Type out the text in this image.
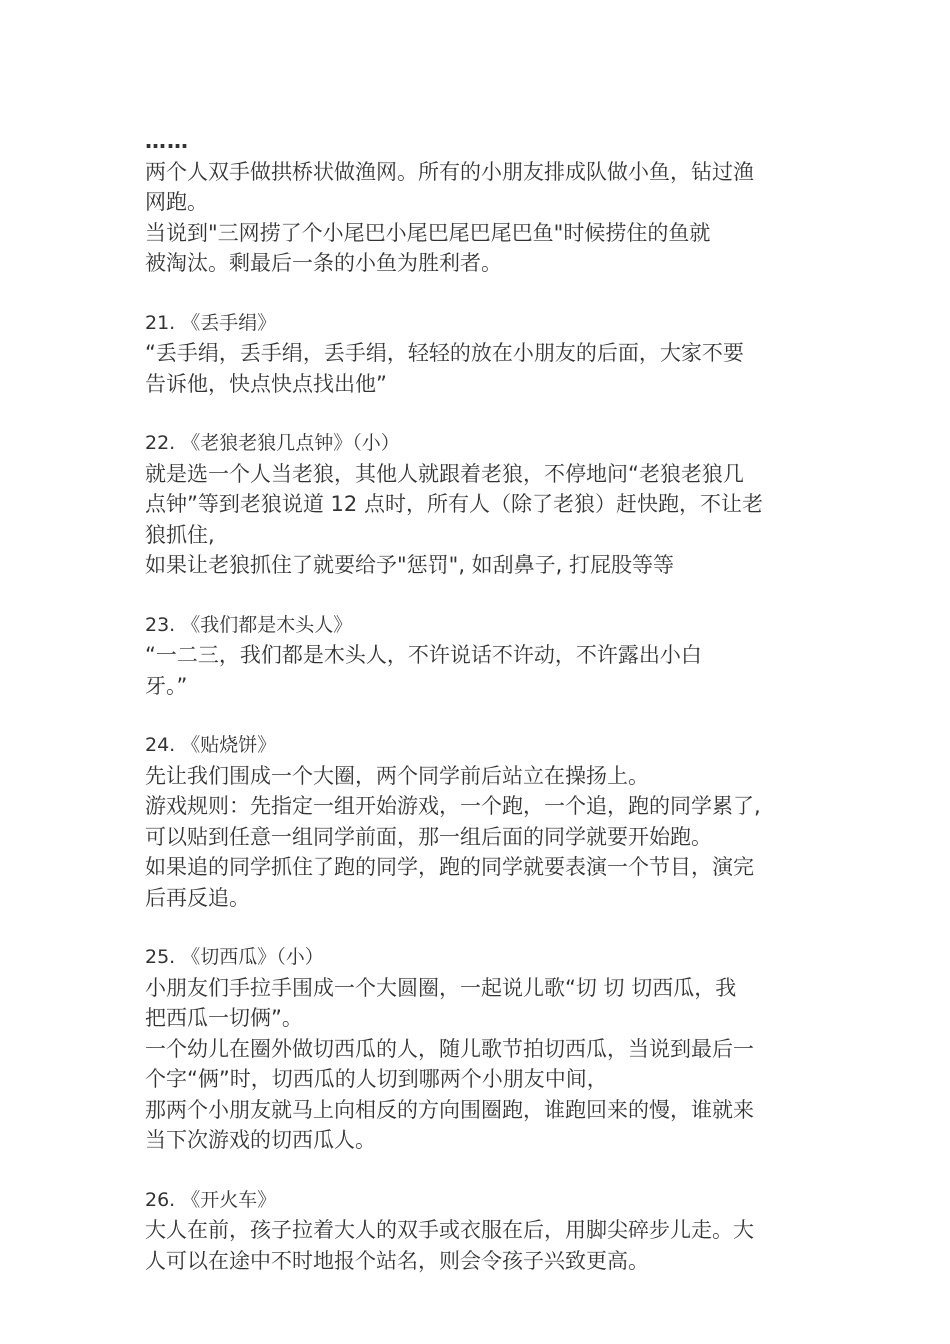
……
两个人双手做拱桥状做渔网。所有的小朋友排成队做小鱼，钻过渔
网跑。
当说到"三网捞了个小尾巴小尾巴尾巴尾巴鱼"时候捞住的鱼就
被淘汰。剩最后一条的小鱼为胜利者。
21. 《丢手绢》
“丢手绢，丢手绢，丢手绢，轻轻的放在小朋友的后面，大家不要
告诉他，快点快点找出他”
22. 《老狼老狼几点钟》（小）
就是选一个人当老狼，其他人就跟着老狼，不停地问“老狼老狼几
点钟”等到老狼说道 12 点时，所有人（除了老狼）赶快跑，不让老
狼抓住,
如果让老狼抓住了就要给予"惩罚", 如刮鼻子, 打屁股等等
23. 《我们都是木头人》
“一二三，我们都是木头人，不许说话不许动，不许露出小白
牙。”
24. 《贴烧饼》
先让我们围成一个大圈，两个同学前后站立在操扬上。
游戏规则：先指定一组开始游戏，一个跑，一个追，跑的同学累了,
可以贴到任意一组同学前面，那一组后面的同学就要开始跑。
如果追的同学抓住了跑的同学，跑的同学就要表演一个节目，演完
后再反追。
25. 《切西瓜》（小）
小朋友们手拉手围成一个大圆圈，一起说儿歌“切 切 切西瓜，我
把西瓜一切俩”。
一个幼儿在圈外做切西瓜的人，随儿歌节拍切西瓜，当说到最后一
个字“俩”时，切西瓜的人切到哪两个小朋友中间，
那两个小朋友就马上向相反的方向围圈跑，谁跑回来的慢，谁就来
当下次游戏的切西瓜人。
26. 《开火车》
大人在前，孩子拉着大人的双手或衣服在后，用脚尖碎步儿走。大
人可以在途中不时地报个站名，则会令孩子兴致更高。
